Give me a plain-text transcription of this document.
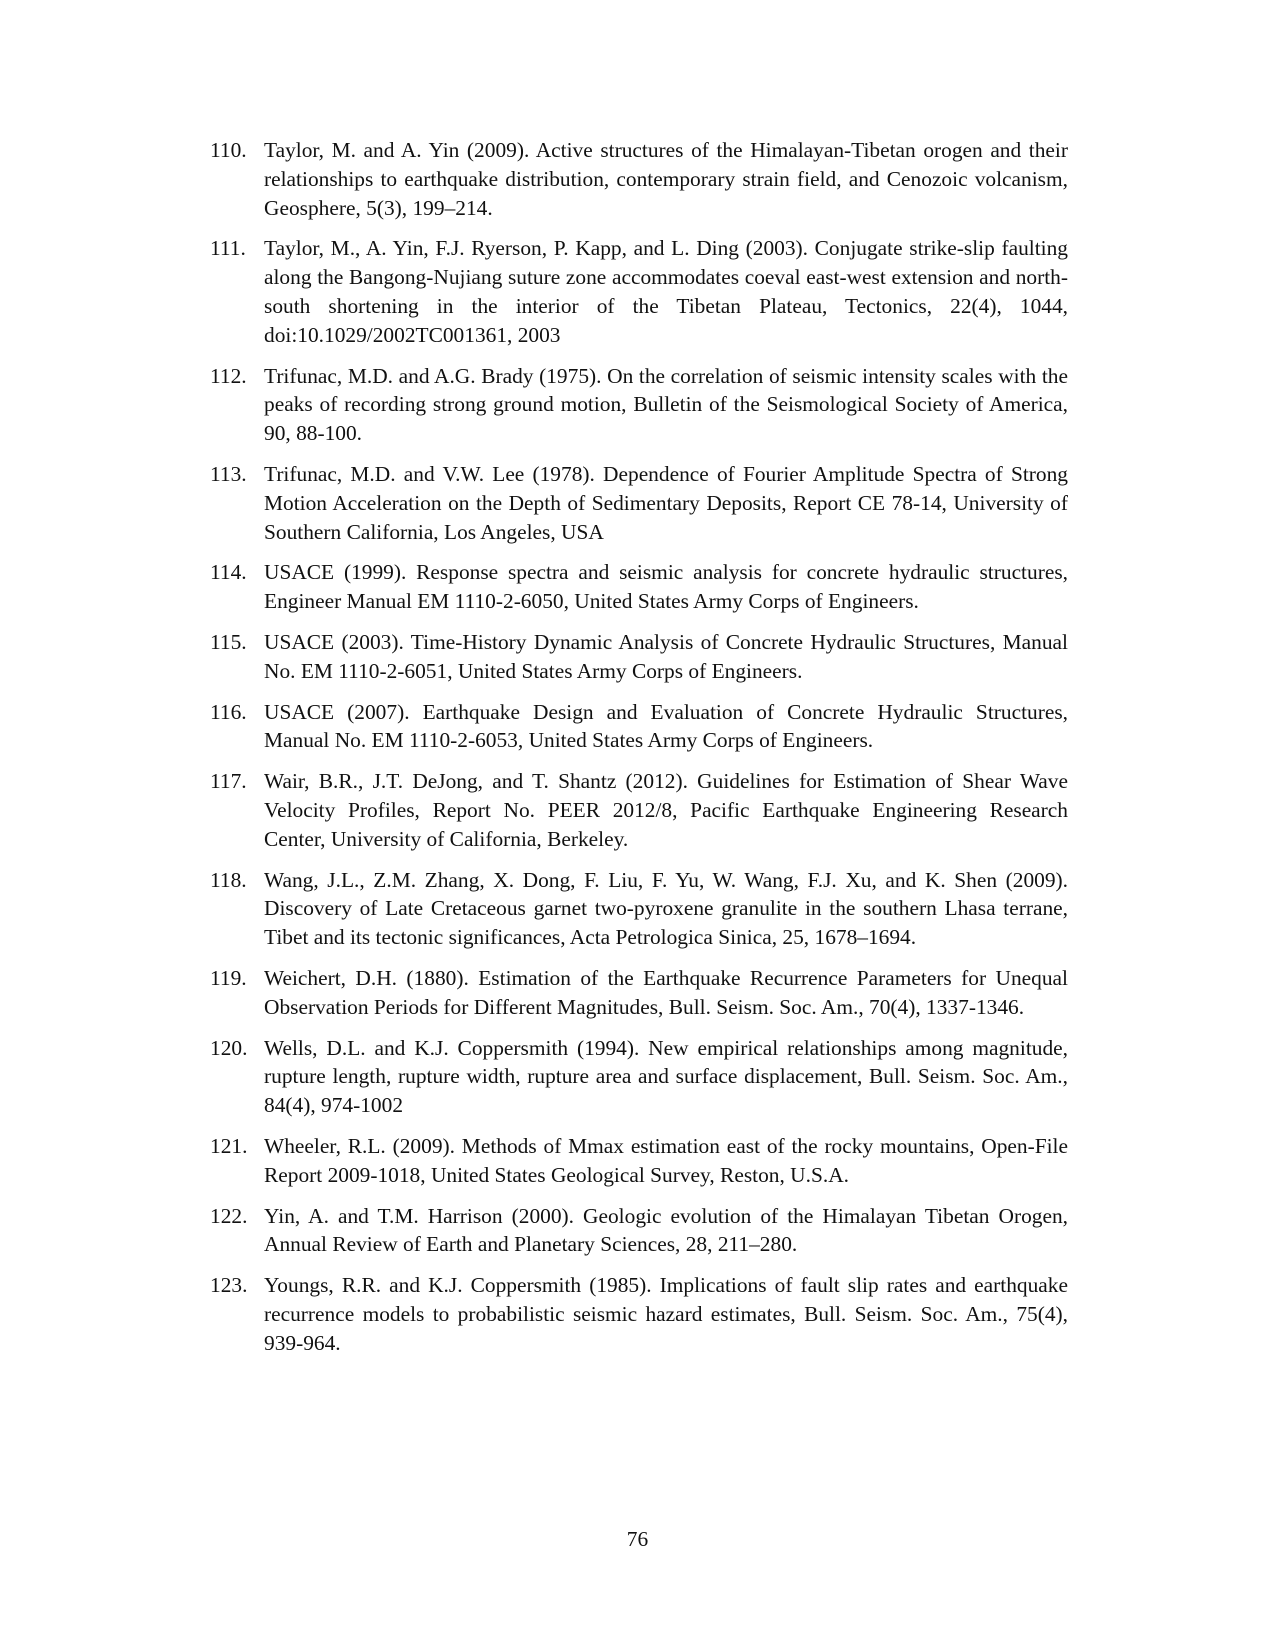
110. Taylor, M. and A. Yin (2009). Active structures of the Himalayan-Tibetan orogen and their relationships to earthquake distribution, contemporary strain field, and Cenozoic volcanism, Geosphere, 5(3), 199–214.
111. Taylor, M., A. Yin, F.J. Ryerson, P. Kapp, and L. Ding (2003). Conjugate strike-slip faulting along the Bangong-Nujiang suture zone accommodates coeval east-west extension and north-south shortening in the interior of the Tibetan Plateau, Tectonics, 22(4), 1044, doi:10.1029/2002TC001361, 2003
112. Trifunac, M.D. and A.G. Brady (1975). On the correlation of seismic intensity scales with the peaks of recording strong ground motion, Bulletin of the Seismological Society of America, 90, 88-100.
113. Trifunac, M.D. and V.W. Lee (1978). Dependence of Fourier Amplitude Spectra of Strong Motion Acceleration on the Depth of Sedimentary Deposits, Report CE 78-14, University of Southern California, Los Angeles, USA
114. USACE (1999). Response spectra and seismic analysis for concrete hydraulic structures, Engineer Manual EM 1110-2-6050, United States Army Corps of Engineers.
115. USACE (2003). Time-History Dynamic Analysis of Concrete Hydraulic Structures, Manual No. EM 1110-2-6051, United States Army Corps of Engineers.
116. USACE (2007). Earthquake Design and Evaluation of Concrete Hydraulic Structures, Manual No. EM 1110-2-6053, United States Army Corps of Engineers.
117. Wair, B.R., J.T. DeJong, and T. Shantz (2012). Guidelines for Estimation of Shear Wave Velocity Profiles, Report No. PEER 2012/8, Pacific Earthquake Engineering Research Center, University of California, Berkeley.
118. Wang, J.L., Z.M. Zhang, X. Dong, F. Liu, F. Yu, W. Wang, F.J. Xu, and K. Shen (2009). Discovery of Late Cretaceous garnet two-pyroxene granulite in the southern Lhasa terrane, Tibet and its tectonic significances, Acta Petrologica Sinica, 25, 1678–1694.
119. Weichert, D.H. (1880). Estimation of the Earthquake Recurrence Parameters for Unequal Observation Periods for Different Magnitudes, Bull. Seism. Soc. Am., 70(4), 1337-1346.
120. Wells, D.L. and K.J. Coppersmith (1994). New empirical relationships among magnitude, rupture length, rupture width, rupture area and surface displacement, Bull. Seism. Soc. Am., 84(4), 974-1002
121. Wheeler, R.L. (2009). Methods of Mmax estimation east of the rocky mountains, Open-File Report 2009-1018, United States Geological Survey, Reston, U.S.A.
122. Yin, A. and T.M. Harrison (2000). Geologic evolution of the Himalayan Tibetan Orogen, Annual Review of Earth and Planetary Sciences, 28, 211–280.
123. Youngs, R.R. and K.J. Coppersmith (1985). Implications of fault slip rates and earthquake recurrence models to probabilistic seismic hazard estimates, Bull. Seism. Soc. Am., 75(4), 939-964.
76
